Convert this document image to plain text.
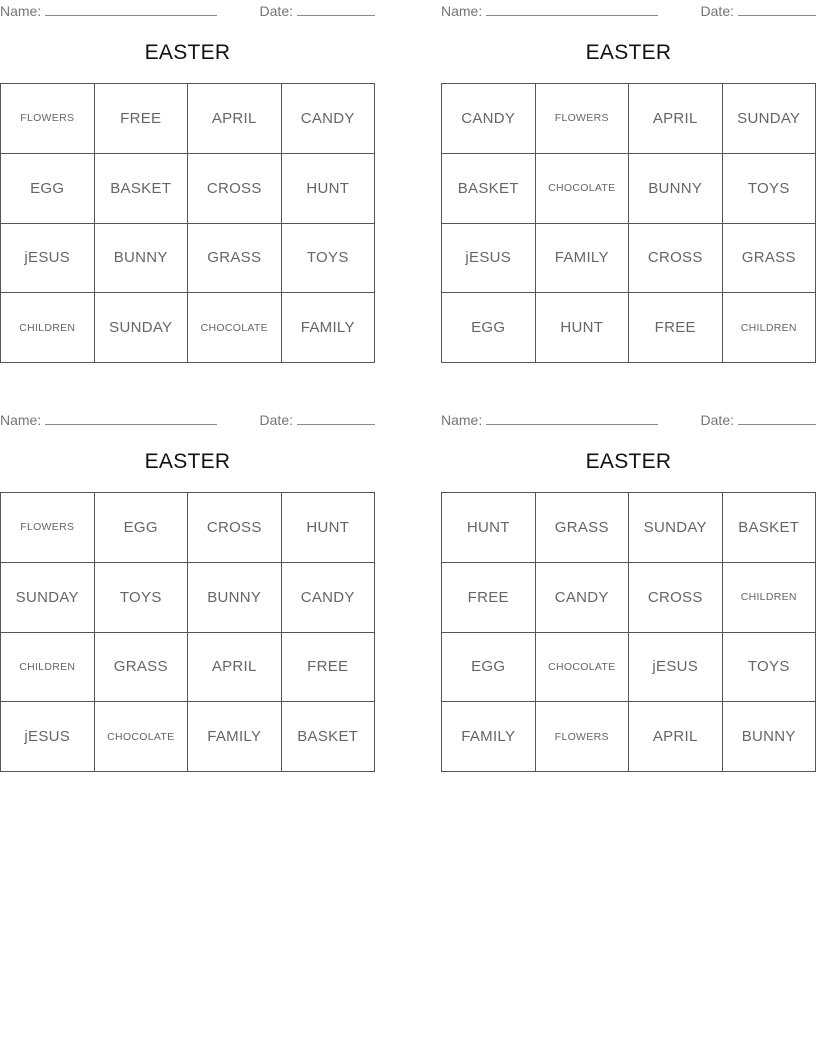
Name:	Date:
EASTER
FLOWERS	FREE	APRIL	CANDY
EGG	BASKET	CROSS	HUNT
jESUS	BUNNY	GRASS	TOYS
CHILDREN	SUNDAY	CHOCOLATE	FAMILY
Name:	Date:
EASTER
CANDY	FLOWERS	APRIL	SUNDAY
BASKET	CHOCOLATE	BUNNY	TOYS
jESUS	FAMILY	CROSS	GRASS
EGG	HUNT	FREE	CHILDREN
Name:	Date:
EASTER
FLOWERS	EGG	CROSS	HUNT
SUNDAY	TOYS	BUNNY	CANDY
CHILDREN	GRASS	APRIL	FREE
jESUS	CHOCOLATE	FAMILY	BASKET
Name:	Date:
EASTER
HUNT	GRASS	SUNDAY	BASKET
FREE	CANDY	CROSS	CHILDREN
EGG	CHOCOLATE	jESUS	TOYS
FAMILY	FLOWERS	APRIL	BUNNY
